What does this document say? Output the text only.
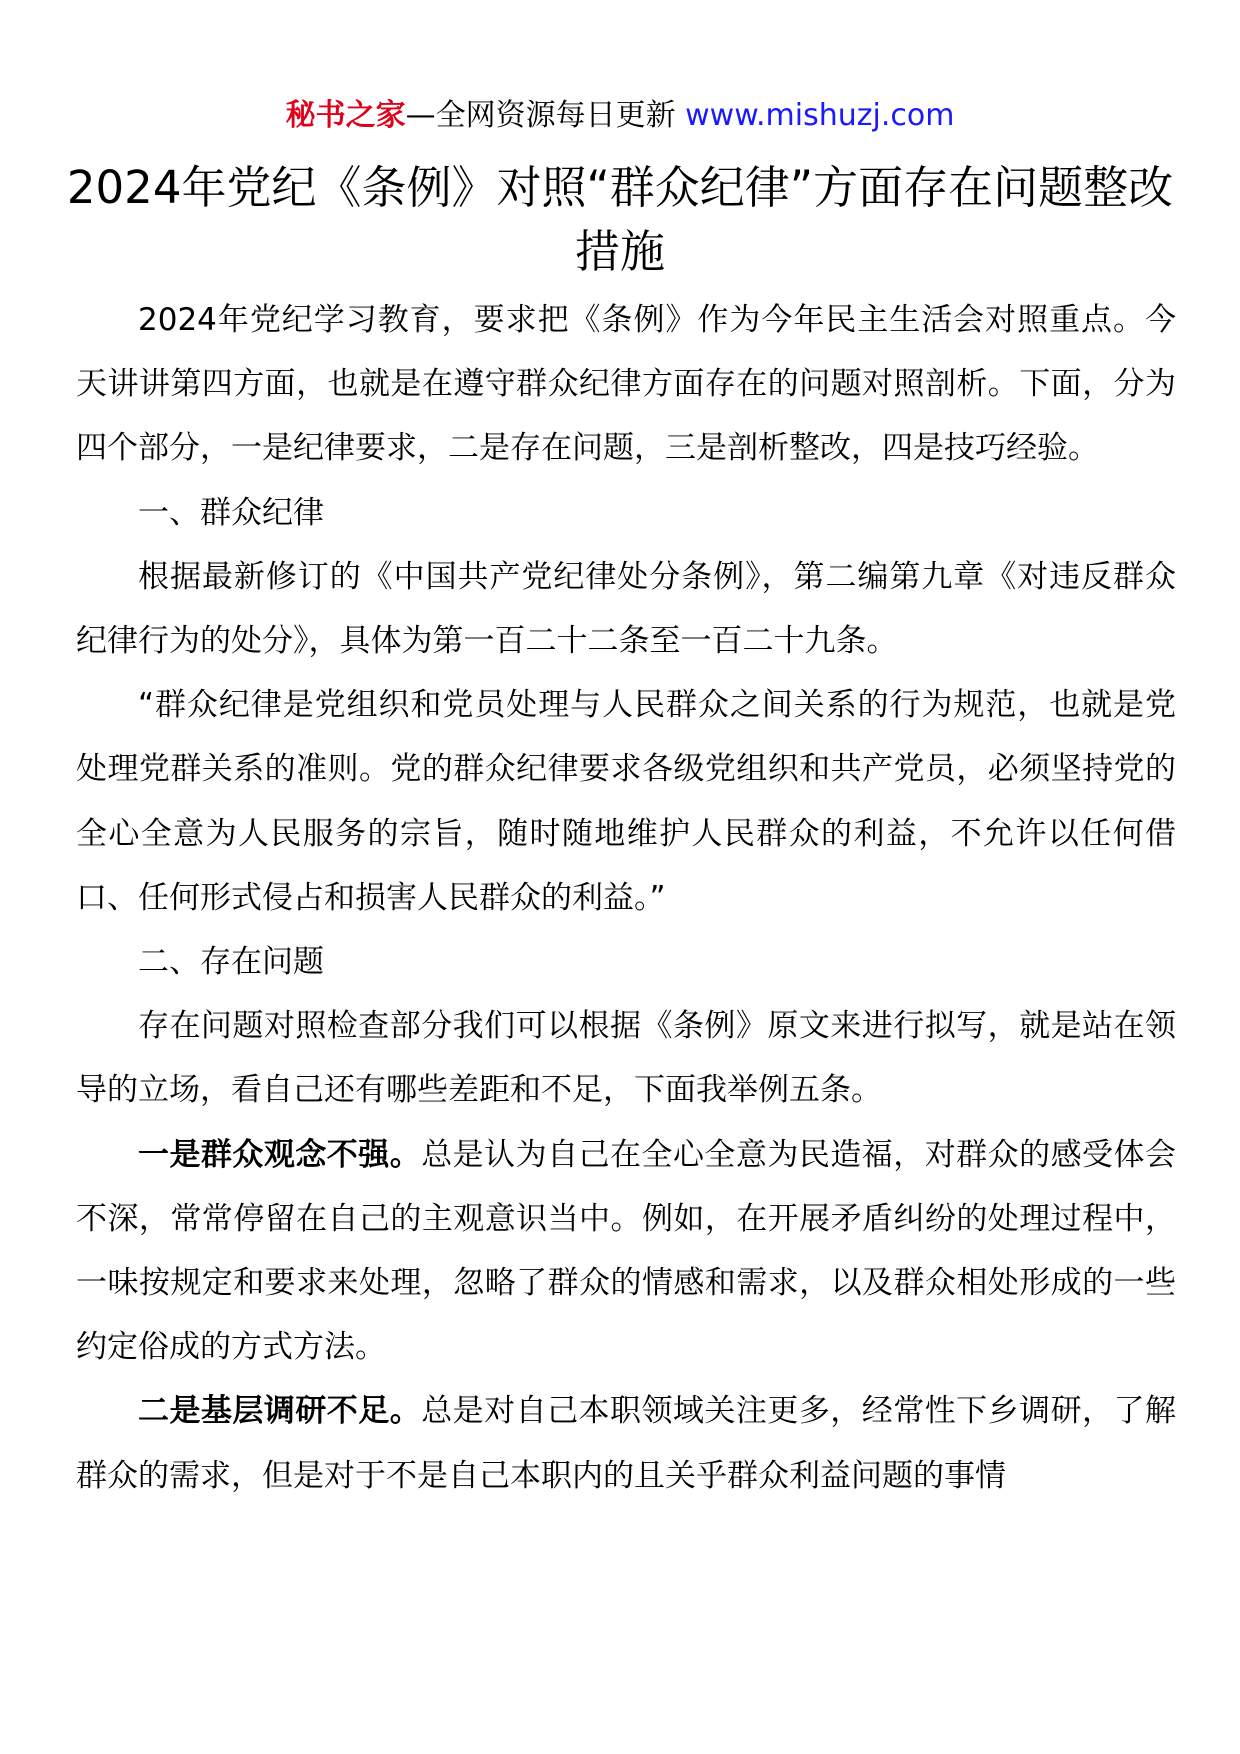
秘书之家—全网资源每日更新 www.mishuzj.com
2024年党纪《条例》对照“群众纪律”方面存在问题整改措施

2024年党纪学习教育，要求把《条例》作为今年民主生活会对照重点。今天讲讲第四方面，也就是在遵守群众纪律方面存在的问题对照剖析。下面，分为四个部分，一是纪律要求，二是存在问题，三是剖析整改，四是技巧经验。

一、群众纪律

根据最新修订的《中国共产党纪律处分条例》，第二编第九章《对违反群众纪律行为的处分》，具体为第一百二十二条至一百二十九条。

“群众纪律是党组织和党员处理与人民群众之间关系的行为规范，也就是党处理党群关系的准则。党的群众纪律要求各级党组织和共产党员，必须坚持党的全心全意为人民服务的宗旨，随时随地维护人民群众的利益，不允许以任何借口、任何形式侵占和损害人民群众的利益。”

二、存在问题

存在问题对照检查部分我们可以根据《条例》原文来进行拟写，就是站在领导的立场，看自己还有哪些差距和不足，下面我举例五条。

一是群众观念不强。总是认为自己在全心全意为民造福，对群众的感受体会不深，常常停留在自己的主观意识当中。例如，在开展矛盾纠纷的处理过程中，一味按规定和要求来处理，忽略了群众的情感和需求，以及群众相处形成的一些约定俗成的方式方法。

二是基层调研不足。总是对自己本职领域关注更多，经常性下乡调研，了解群众的需求，但是对于不是自己本职内的且关乎群众利益问题的事情
